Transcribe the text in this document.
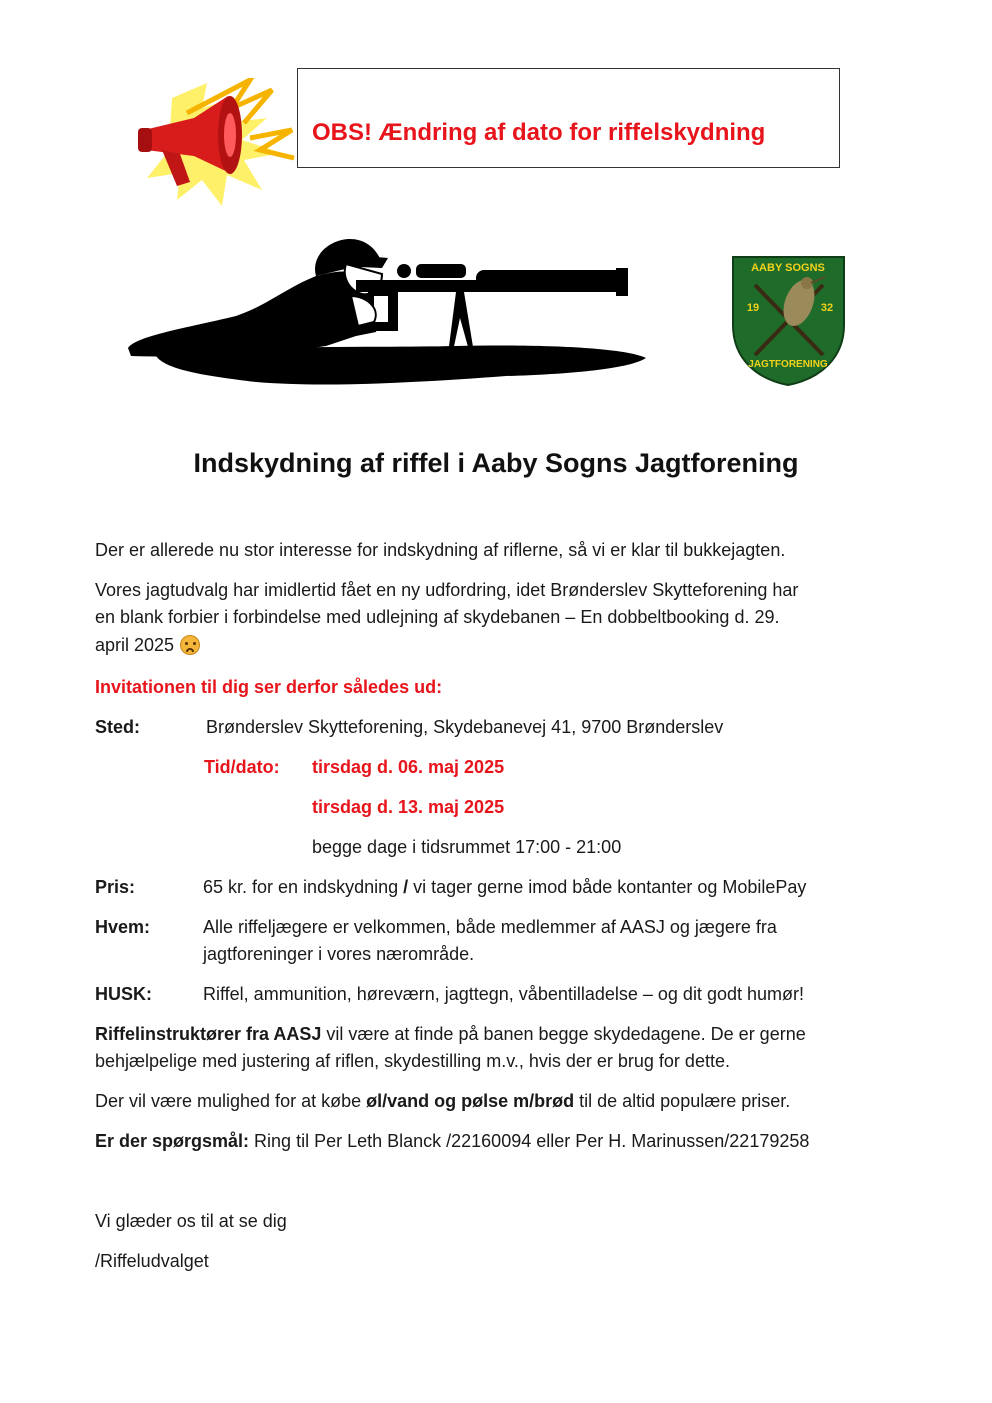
OBS! Ændring af dato for riffelskydning
AABY SOGNS
19	32
JAGTFORENING
Indskydning af riffel i Aaby Sogns Jagtforening
Der er allerede nu stor interesse for indskydning af riflerne, så vi er klar til bukkejagten.
Vores jagtudvalg har imidlertid fået en ny udfordring, idet Brønderslev Skytteforening har
en blank forbier i forbindelse med udlejning af skydebanen – En dobbeltbooking d. 29.
april 2025
Invitationen til dig ser derfor således ud:
Sted:	Brønderslev Skytteforening, Skydebanevej 41, 9700 Brønderslev
Tid/dato: tirsdag d. 06. maj 2025
tirsdag d. 13. maj 2025
begge dage i tidsrummet 17:00 - 21:00
Pris:	65 kr. for en indskydning / vi tager gerne imod både kontanter og MobilePay
Hvem:	Alle riffeljægere er velkommen, både medlemmer af AASJ og jægere fra
jagtforeninger i vores nærområde.
HUSK:	Riffel, ammunition, høreværn, jagttegn, våbentilladelse – og dit godt humør!
Riffelinstruktører fra AASJ vil være at finde på banen begge skydedagene. De er gerne
behjælpelige med justering af riflen, skydestilling m.v., hvis der er brug for dette.
Der vil være mulighed for at købe øl/vand og pølse m/brød til de altid populære priser.
Er der spørgsmål: Ring til Per Leth Blanck /22160094 eller Per H. Marinussen/22179258
Vi glæder os til at se dig
/Riffeludvalget
